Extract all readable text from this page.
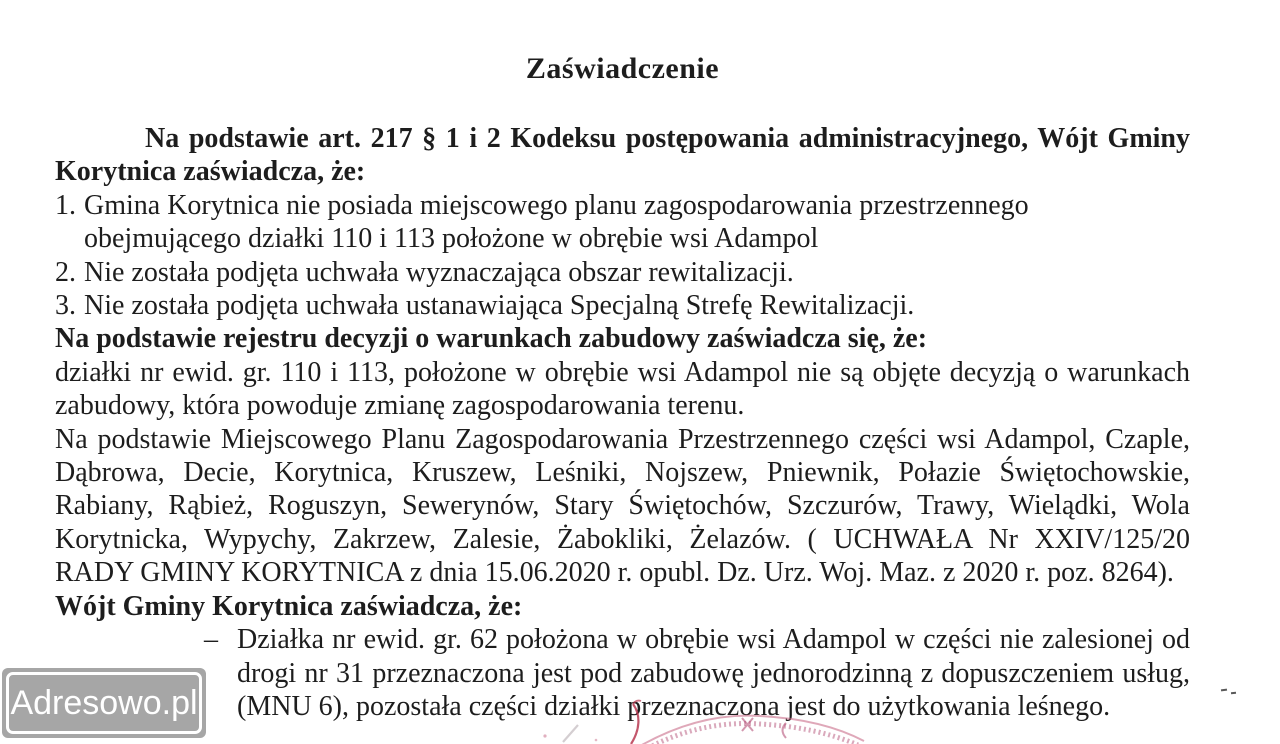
Zaświadczenie

Na podstawie art. 217 § 1 i 2 Kodeksu postępowania administracyjnego, Wójt Gminy Korytnica zaświadcza, że:

1. Gmina Korytnica nie posiada miejscowego planu zagospodarowania przestrzennego obejmującego działki 110 i 113 położone w obrębie wsi Adampol

2. Nie została podjęta uchwała wyznaczająca obszar rewitalizacji.

3. Nie została podjęta uchwała ustanawiająca Specjalną Strefę Rewitalizacji.

Na podstawie rejestru decyzji o warunkach zabudowy zaświadcza się, że:

działki nr ewid. gr. 110 i 113, położone w obrębie wsi Adampol nie są objęte decyzją o warunkach zabudowy, która powoduje zmianę zagospodarowania terenu.

Na podstawie Miejscowego Planu Zagospodarowania Przestrzennego części wsi Adampol, Czaple, Dąbrowa, Decie, Korytnica, Kruszew, Leśniki, Nojszew, Pniewnik, Połazie Świętochowskie, Rabiany, Rąbież, Roguszyn, Sewerynów, Stary Świętochów, Szczurów, Trawy, Wielądki, Wola Korytnicka, Wypychy, Zakrzew, Zalesie, Żabokliki, Żelazów. ( UCHWAŁA Nr XXIV/125/20 RADY GMINY KORYTNICA z dnia 15.06.2020 r. opubl. Dz. Urz. Woj. Maz. z 2020 r. poz. 8264).

Wójt Gminy Korytnica zaświadcza, że:

– Działka nr ewid. gr. 62 położona w obrębie wsi Adampol w części nie zalesionej od drogi nr 31 przeznaczona jest pod zabudowę jednorodzinną z dopuszczeniem usług, (MNU 6), pozostała części działki przeznaczona jest do użytkowania leśnego.

Adresowo.pl
